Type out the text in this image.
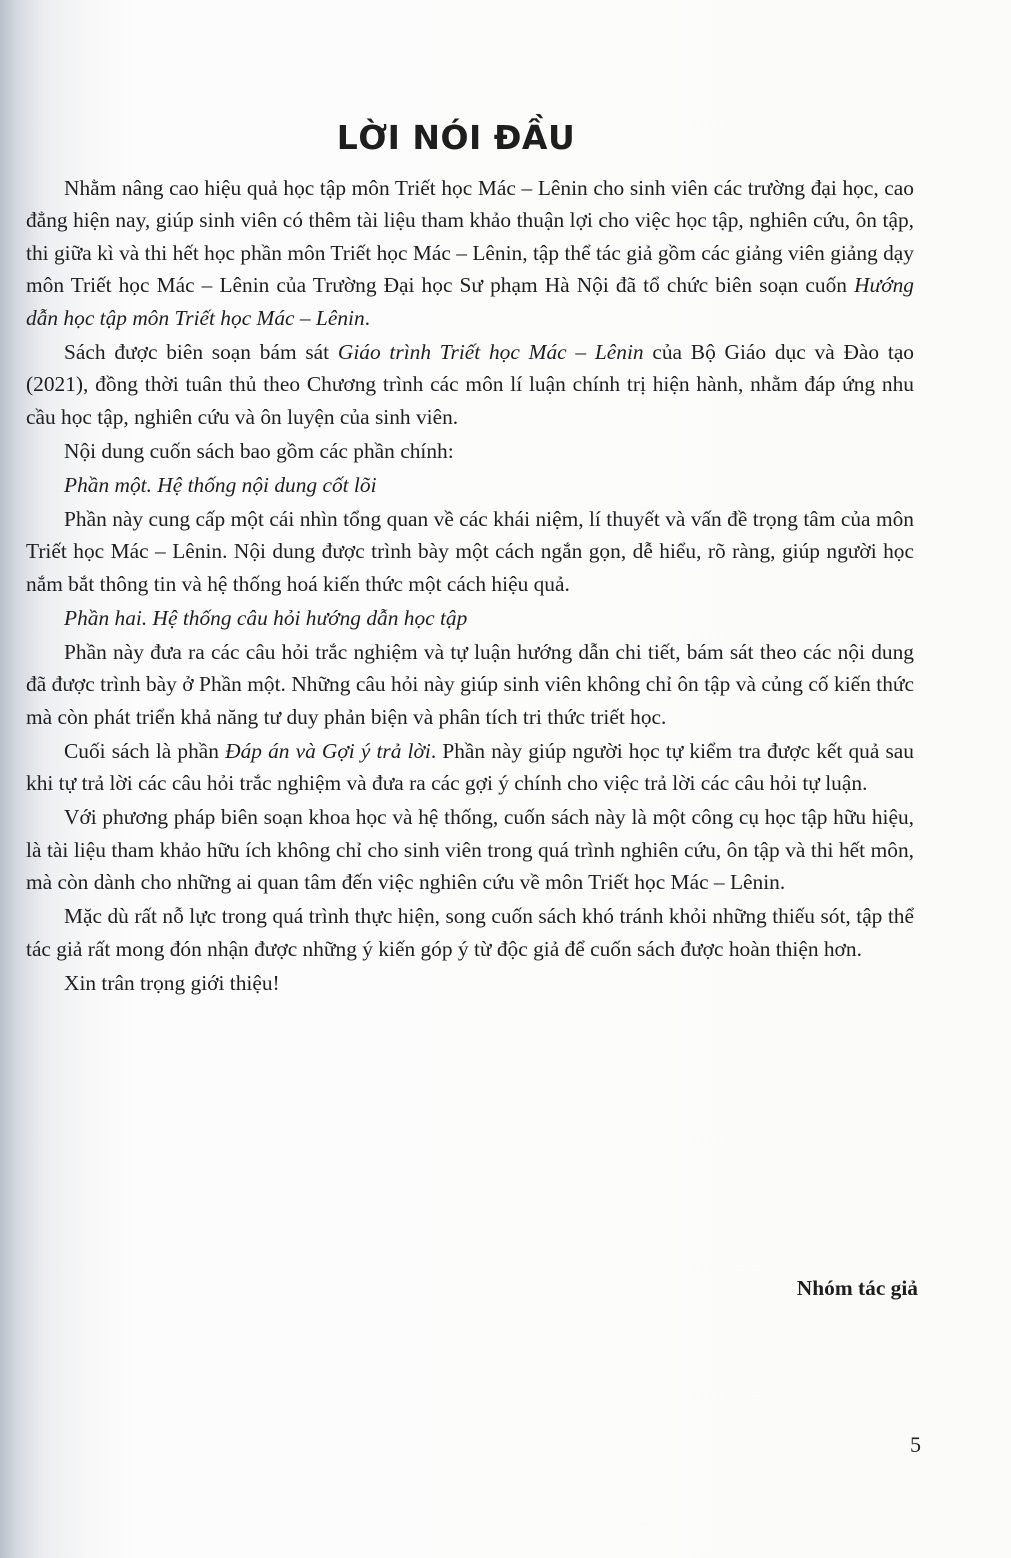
LỜI NÓI ĐẦU

Nhằm nâng cao hiệu quả học tập môn Triết học Mác – Lênin cho sinh viên các trường đại học, cao đẳng hiện nay, giúp sinh viên có thêm tài liệu tham khảo thuận lợi cho việc học tập, nghiên cứu, ôn tập, thi giữa kì và thi hết học phần môn Triết học Mác – Lênin, tập thể tác giả gồm các giảng viên giảng dạy môn Triết học Mác – Lênin của Trường Đại học Sư phạm Hà Nội đã tổ chức biên soạn cuốn Hướng dẫn học tập môn Triết học Mác – Lênin.

Sách được biên soạn bám sát Giáo trình Triết học Mác – Lênin của Bộ Giáo dục và Đào tạo (2021), đồng thời tuân thủ theo Chương trình các môn lí luận chính trị hiện hành, nhằm đáp ứng nhu cầu học tập, nghiên cứu và ôn luyện của sinh viên.

Nội dung cuốn sách bao gồm các phần chính:

Phần một. Hệ thống nội dung cốt lõi

Phần này cung cấp một cái nhìn tổng quan về các khái niệm, lí thuyết và vấn đề trọng tâm của môn Triết học Mác – Lênin. Nội dung được trình bày một cách ngắn gọn, dễ hiểu, rõ ràng, giúp người học nắm bắt thông tin và hệ thống hoá kiến thức một cách hiệu quả.

Phần hai. Hệ thống câu hỏi hướng dẫn học tập

Phần này đưa ra các câu hỏi trắc nghiệm và tự luận hướng dẫn chi tiết, bám sát theo các nội dung đã được trình bày ở Phần một. Những câu hỏi này giúp sinh viên không chỉ ôn tập và củng cố kiến thức mà còn phát triển khả năng tư duy phản biện và phân tích tri thức triết học.

Cuối sách là phần Đáp án và Gợi ý trả lời. Phần này giúp người học tự kiểm tra được kết quả sau khi tự trả lời các câu hỏi trắc nghiệm và đưa ra các gợi ý chính cho việc trả lời các câu hỏi tự luận.

Với phương pháp biên soạn khoa học và hệ thống, cuốn sách này là một công cụ học tập hữu hiệu, là tài liệu tham khảo hữu ích không chỉ cho sinh viên trong quá trình nghiên cứu, ôn tập và thi hết môn, mà còn dành cho những ai quan tâm đến việc nghiên cứu về môn Triết học Mác – Lênin.

Mặc dù rất nỗ lực trong quá trình thực hiện, song cuốn sách khó tránh khỏi những thiếu sót, tập thể tác giả rất mong đón nhận được những ý kiến góp ý từ độc giả để cuốn sách được hoàn thiện hơn.

Xin trân trọng giới thiệu!

Nhóm tác giả
5
